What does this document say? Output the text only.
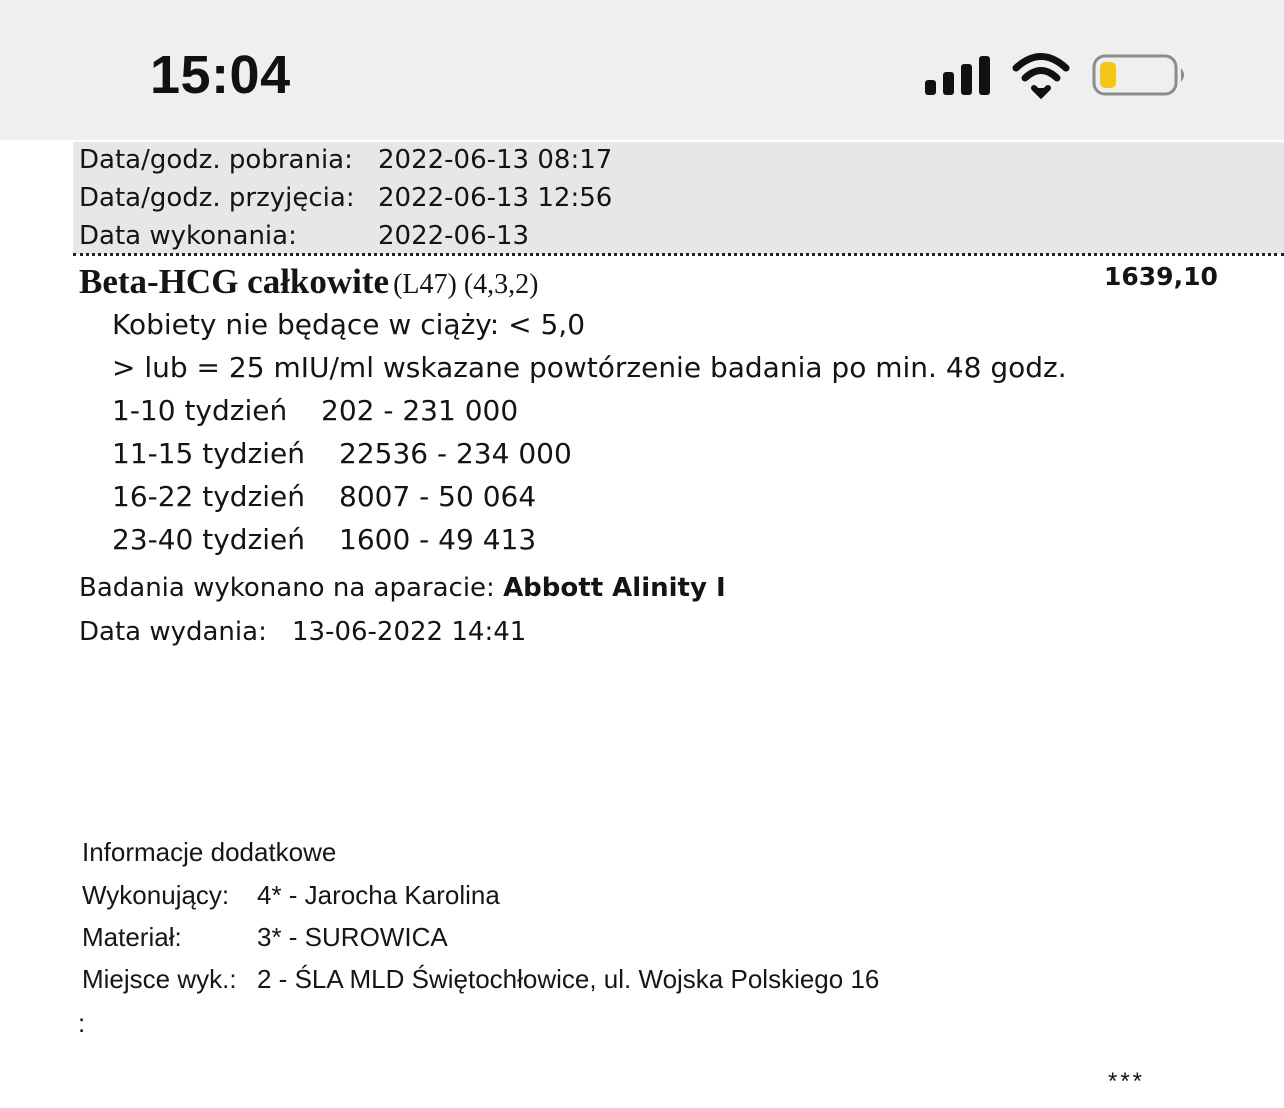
15:04
Data/godz. pobrania: 2022-06-13 08:17
Data/godz. przyjęcia: 2022-06-13 12:56
Data wykonania:	2022-06-13
Beta-HCG całkowite (L47) (4,3,2)	1639,10
Kobiety nie będące w ciąży: < 5,0
> lub = 25 mIU/ml wskazane powtórzenie badania po min. 48 godz.
1-10 tydzień 202 - 231 000
11-15 tydzień 22536 - 234 000
16-22 tydzień 8007 - 50 064
23-40 tydzień 1600 - 49 413
Badania wykonano na aparacie: Abbott Alinity I
Data wydania: 13-06-2022 14:41
Informacje dodatkowe
Wykonujący: 4* - Jarocha Karolina
Materiał:	3* - SUROWICA
Miejsce wyk.: 2 - ŚLA MLD Świętochłowice, ul. Wojska Polskiego 16
:
***
